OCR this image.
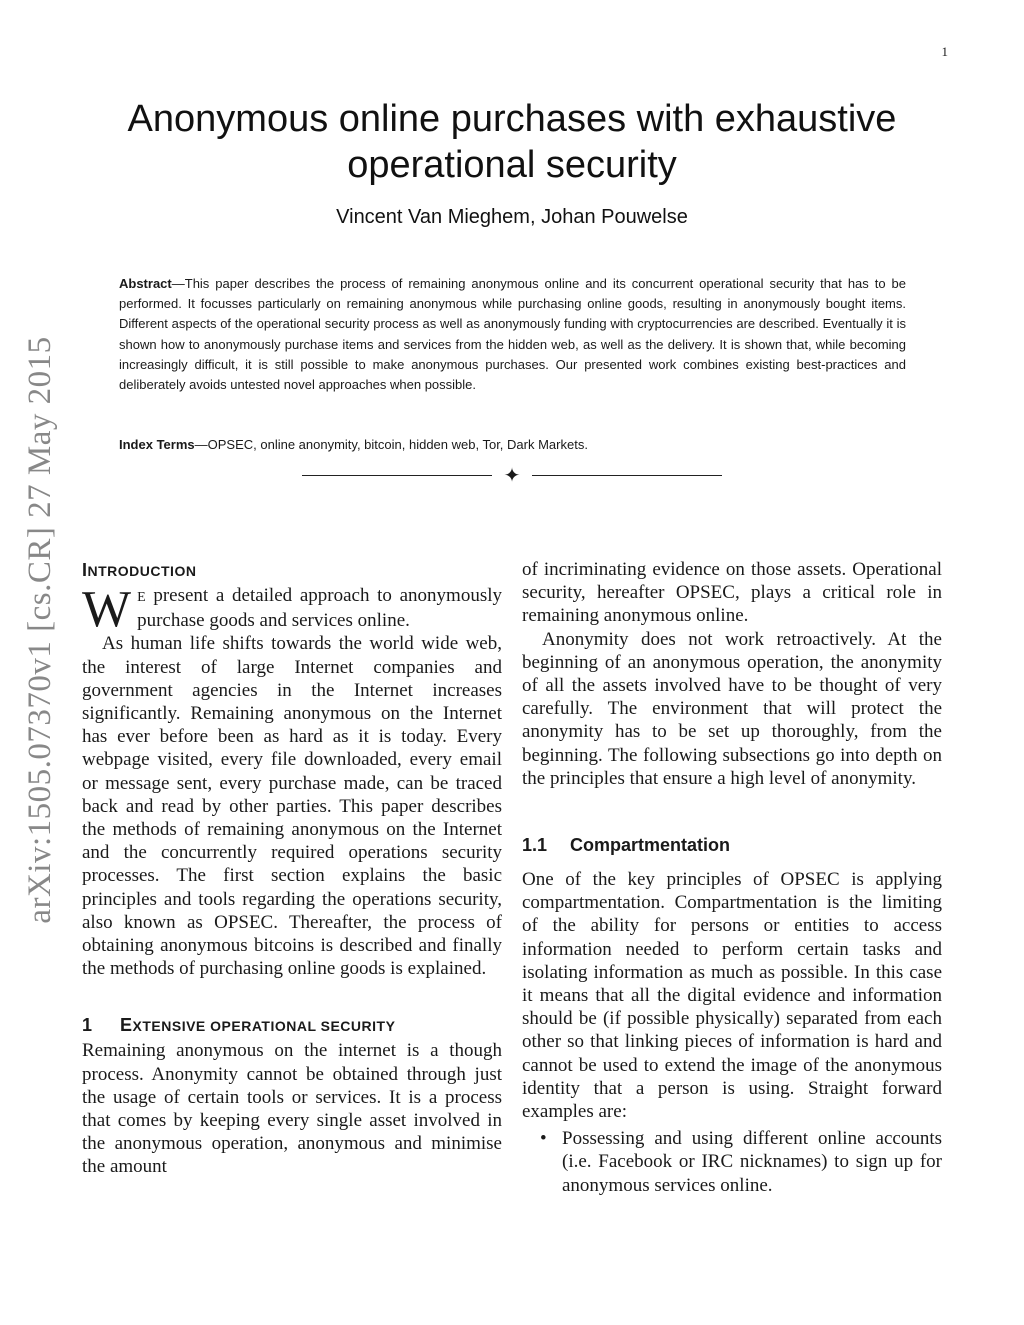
1
arXiv:1505.07370v1 [cs.CR] 27 May 2015
Anonymous online purchases with exhaustive
operational security
Vincent Van Mieghem, Johan Pouwelse
Abstract—This paper describes the process of remaining anonymous online and its concurrent operational security that has to be performed. It focusses particularly on remaining anonymous while purchasing online goods, resulting in anonymously bought items. Different aspects of the operational security process as well as anonymously funding with cryptocurrencies are described. Eventually it is shown how to anonymously purchase items and services from the hidden web, as well as the delivery. It is shown that, while becoming increasingly difficult, it is still possible to make anonymous purchases. Our presented work combines existing best-practices and deliberately avoids untested novel approaches when possible.
Index Terms—OPSEC, online anonymity, bitcoin, hidden web, Tor, Dark Markets.
✦
INTRODUCTION

W E present a detailed approach to anonymously purchase goods and services online.

As human life shifts towards the world wide web, the interest of large Internet companies and government agencies in the Internet increases significantly. Remaining anonymous on the Internet has ever before been as hard as it is today. Every webpage visited, every file downloaded, every email or message sent, every purchase made, can be traced back and read by other parties. This paper describes the methods of remaining anonymous on the Internet and the concurrently required operations security processes. The first section explains the basic principles and tools regarding the operations security, also known as OPSEC. Thereafter, the process of obtaining anonymous bitcoins is described and finally the methods of purchasing online goods is explained.

1 EXTENSIVE OPERATIONAL SECURITY

Remaining anonymous on the internet is a though process. Anonymity cannot be obtained through just the usage of certain tools or services. It is a process that comes by keeping every single asset involved in the anonymous operation, anonymous and minimise the amount

of incriminating evidence on those assets. Operational security, hereafter OPSEC, plays a critical role in remaining anonymous online.

Anonymity does not work retroactively. At the beginning of an anonymous operation, the anonymity of all the assets involved have to be thought of very carefully. The environment that will protect the anonymity has to be set up thoroughly, from the beginning. The following subsections go into depth on the principles that ensure a high level of anonymity.

1.1 Compartmentation

One of the key principles of OPSEC is applying compartmentation. Compartmentation is the limiting of the ability for persons or entities to access information needed to perform certain tasks and isolating information as much as possible. In this case it means that all the digital evidence and information should be (if possible physically) separated from each other so that linking pieces of information is hard and cannot be used to extend the image of the anonymous identity that a person is using. Straight forward examples are:

• Possessing and using different online accounts (i.e. Facebook or IRC nicknames) to sign up for anonymous services online.
